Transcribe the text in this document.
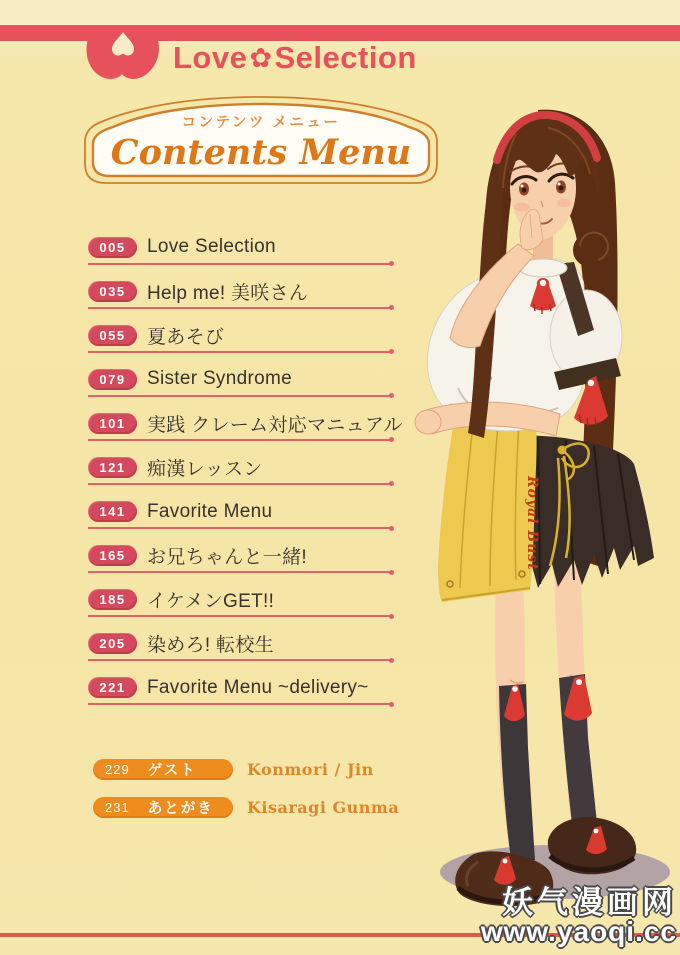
Love✿Selection
コンテンツ メニュー
Contents Menu
005	Love Selection
035	Help me! 美咲さん
055	夏あそび
079	Sister Syndrome
101	実践 クレーム対応マニュアル
121	痴漢レッスン
141	Favorite Menu
165	お兄ちゃんと一緒!
185	イケメンGET!!
205	染めろ! 転校生
221	Favorite Menu ~delivery~
229 ゲスト	Konmori / Jin
231 あとがき Kisaragi Gunma
Royal Bust
妖气漫画网
www.yaoqi.cc
